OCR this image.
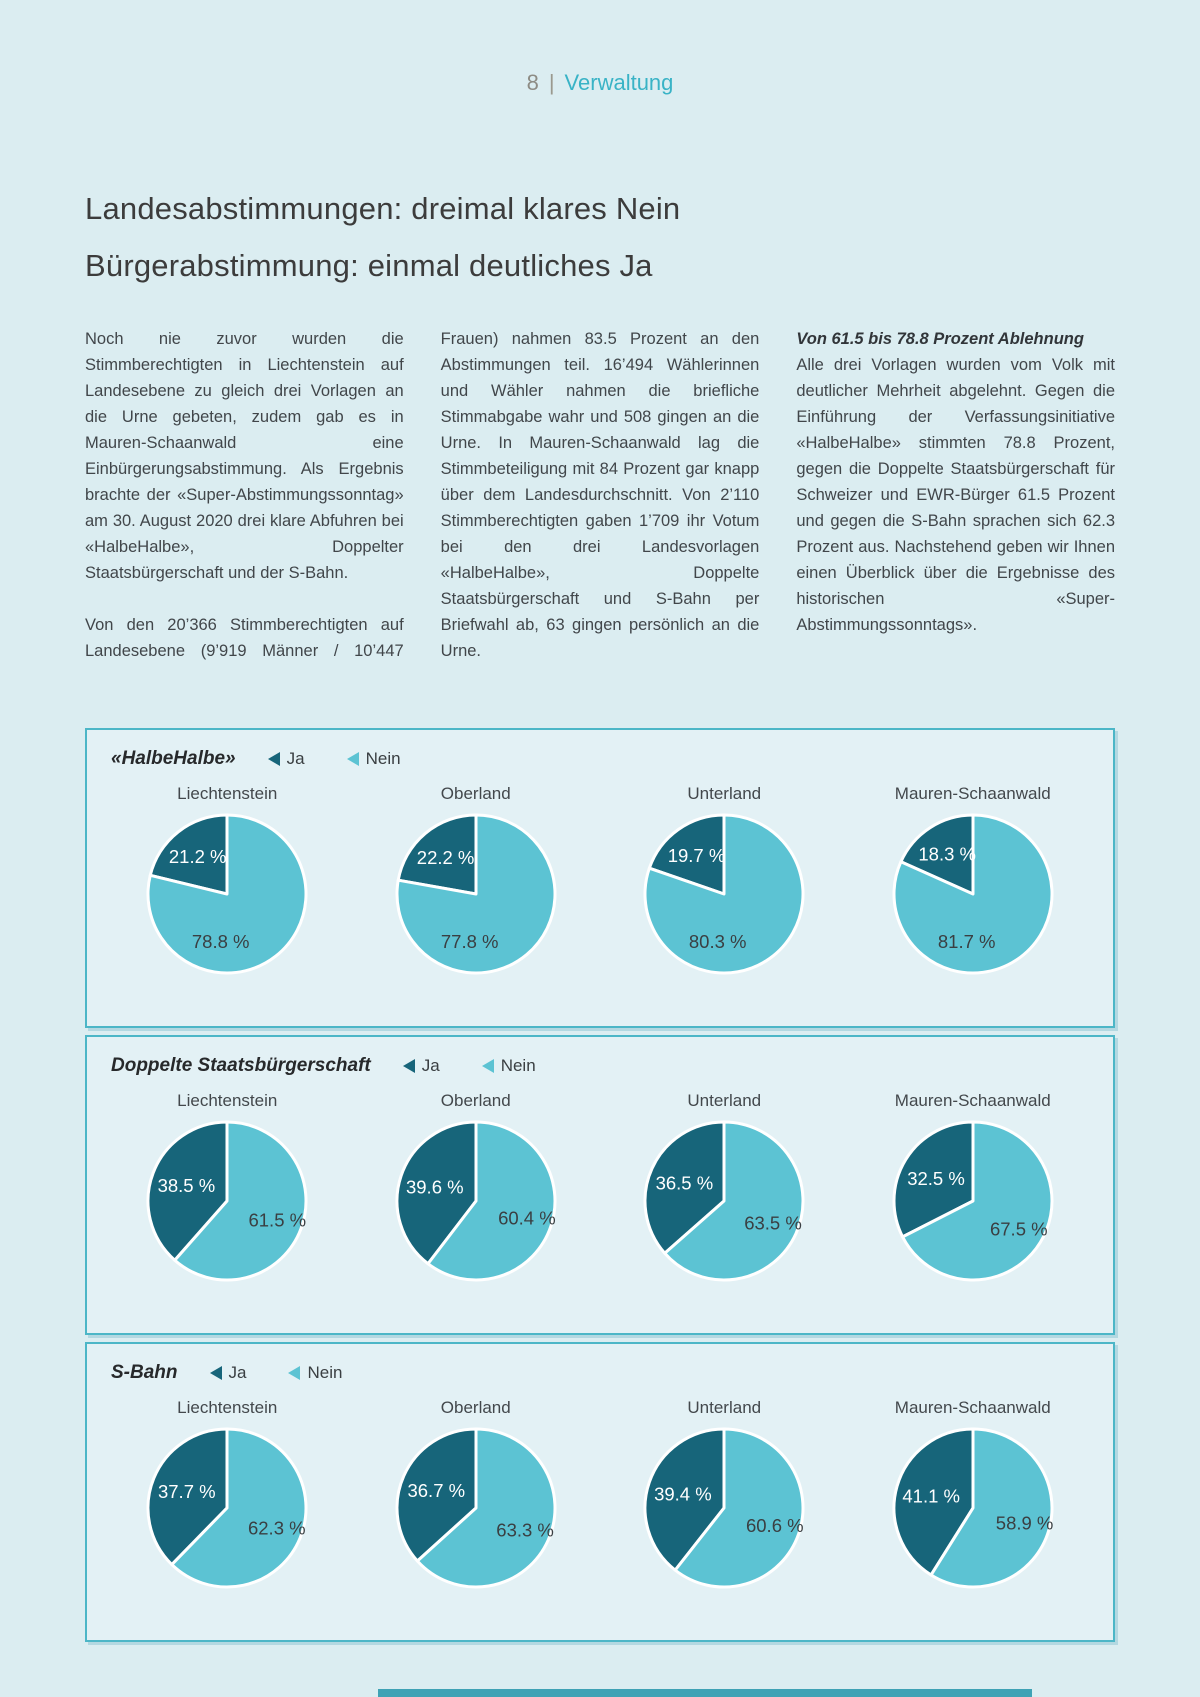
8 | Verwaltung
Landesabstimmungen: dreimal klares Nein
Bürgerabstimmung: einmal deutliches Ja

Noch nie zuvor wurden die Stimmberechtigten in Liechtenstein auf Landesebene zu gleich drei Vorlagen an die Urne gebeten, zudem gab es in Mauren-Schaanwald eine Einbürgerungsabstimmung. Als Ergebnis brachte der «Super-Abstimmungssonntag» am 30. August 2020 drei klare Abfuhren bei «HalbeHalbe», Doppelter Staatsbürgerschaft und der S-Bahn.

Von den 20’366 Stimmberechtigten auf Landesebene (9’919 Männer / 10’447

Frauen) nahmen 83.5 Prozent an den Abstimmungen teil. 16’494 Wählerinnen und Wähler nahmen die briefliche Stimmabgabe wahr und 508 gingen an die Urne. In Mauren-Schaanwald lag die Stimmbeteiligung mit 84 Prozent gar knapp über dem Landesdurchschnitt. Von 2’110 Stimmberechtigten gaben 1’709 ihr Votum bei den drei Landesvorlagen «HalbeHalbe», Doppelte Staatsbürgerschaft und S-Bahn per Briefwahl ab, 63 gingen persönlich an die Urne.

Von 61.5 bis 78.8 Prozent Ablehnung

Alle drei Vorlagen wurden vom Volk mit deutlicher Mehrheit abgelehnt. Gegen die Einführung der Verfassungsinitiative «HalbeHalbe» stimmten 78.8 Prozent, gegen die Doppelte Staatsbürgerschaft für Schweizer und EWR-Bürger 61.5 Prozent und gegen die S-Bahn sprachen sich 62.3 Prozent aus. Nachstehend geben wir Ihnen einen Überblick über die Ergebnisse des historischen «Super-Abstimmungssonntags».

«HalbeHalbe»	Ja	Nein
Liechtenstein
21.2 %
78.8 %
Oberland
22.2 %
77.8 %
Unterland
19.7 %
80.3 %
Mauren-Schaanwald
18.3 %
81.7 %
Doppelte Staatsbürgerschaft	Ja	Nein
Liechtenstein
38.5 %
61.5 %
Oberland
39.6 %
60.4 %
Unterland
36.5 %
63.5 %
Mauren-Schaanwald
32.5 %
67.5 %
S-Bahn	Ja	Nein
Liechtenstein
37.7 %
62.3 %
Oberland
36.7 %
63.3 %
Unterland
39.4 %
60.6 %
Mauren-Schaanwald
41.1 %
58.9 %
